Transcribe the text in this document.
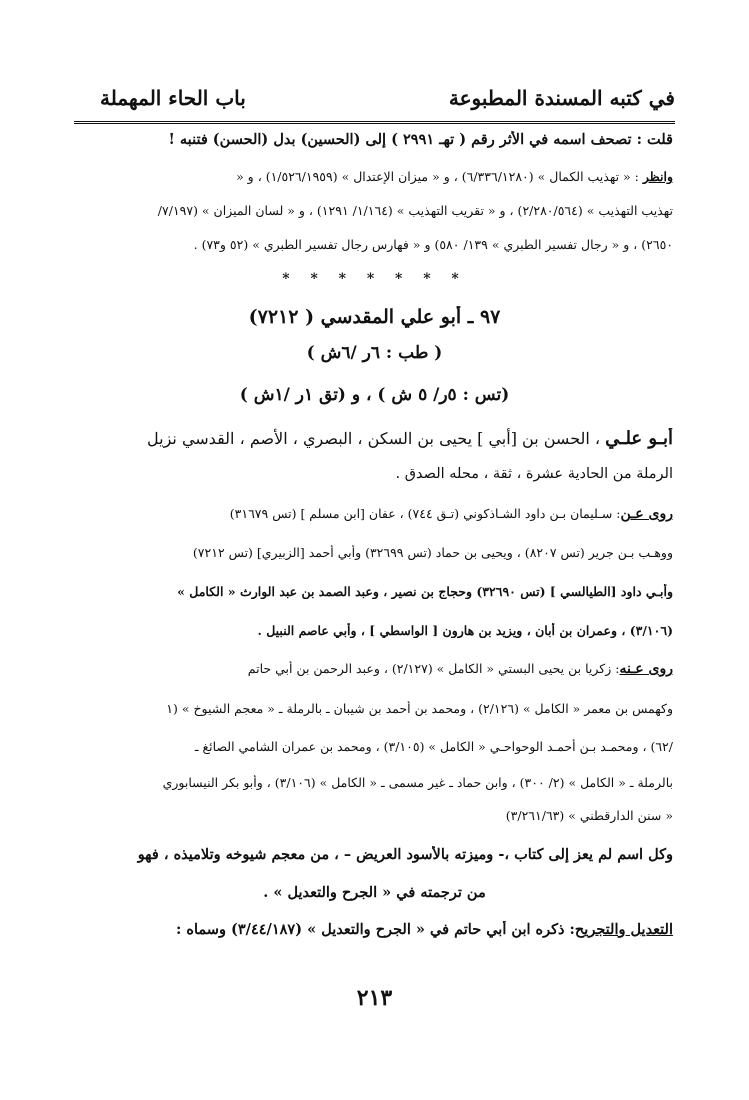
في كتبه المسندة المطبوعة
باب الحاء المهملة
قلت : تصحف اسمه في الأثر رقم ( تهـ ٢٩٩١ ) إلى (الحسين) بدل (الحسن) فتنبه !
وانظر : « تهذيب الكمال » (٦/٣٣٦/١٢٨٠) ، و « ميزان الإعتدال » (١/٥٢٦/١٩٥٩) ، و «
تهذيب التهذيب » (٢/٢٨٠/٥٦٤) ، و « تقريب التهذيب » (١/١٦٤/ ١٢٩١) ، و « لسان الميزان » (٧/١٩٧/
٢٦٥٠) ، و « رجال تفسير الطبري » ١٣٩/ ٥٨٠) و « فهارس رجال تفسير الطبري » (٥٢ و٧٣) .
* * * * * * *
٩٧ ـ أبو علي المقدسي ( ٧٢١٢)
( طب : ٦ر /٦ش )
(تس : ٥ر/ ٥ ش ) ، و (تق ١ر /١ش )
أبـو علـي ، الحسن بن [أبي ] يحيى بن السكن ، البصري ، الأصم ، القدسي نزيل
الرملة من الحادية عشرة ، ثقة ، محله الصدق .
روى عـن: سـليمان بـن داود الشـاذكوني (تـق ٧٤٤) ، عفان [ابن مسلم ] (تس ٣١٦٧٩)
ووهـب بـن جرير (تس ٨٢٠٧) ، ويحيى بن حماد (تس ٣٢٦٩٩) وأبي أحمد [الزبيري] (تس ٧٢١٢)
وأبـي داود [الطيالسي ] (تس ٣٢٦٩٠) وحجاج بن نصير ، وعبد الصمد بن عبد الوارث « الكامل »
(٣/١٠٦) ، وعمران بن أبان ، ويزيد بن هارون [ الواسطي ] ، وأبي عاصم النبيل .
روى عـنه: زكريا بن يحيى البستي « الكامل » (٢/١٢٧) ، وعبد الرحمن بن أبي حاتم
وكهمس بن معمر « الكامل » (٢/١٢٦) ، ومحمد بن أحمد بن شيبان ـ بالرملة ـ « معجم الشيوخ » (١
/٦٢) ، ومحمـد بـن أحمـد الوحواحـي « الكامل » (٣/١٠٥) ، ومحمد بن عمران الشامي الصائغ ـ
بالرملة ـ « الكامل » (٢/ ٣٠٠) ، وابن حماد ـ غير مسمى ـ « الكامل » (٣/١٠٦) ، وأبو بكر النيسابوري
« سنن الدارقطني » (٣/٢٦١/٦٣)
وكل اسم لم يعز إلى كتاب ،- وميزته بالأسود العريض – ، من معجم شيوخه وتلاميذه ، فهو
من ترجمته في « الجرح والتعديل » .
التعديل والتجريح: ذكره ابن أبي حاتم في « الجرح والتعديل » (٣/٤٤/١٨٧) وسماه :
٢١٣
